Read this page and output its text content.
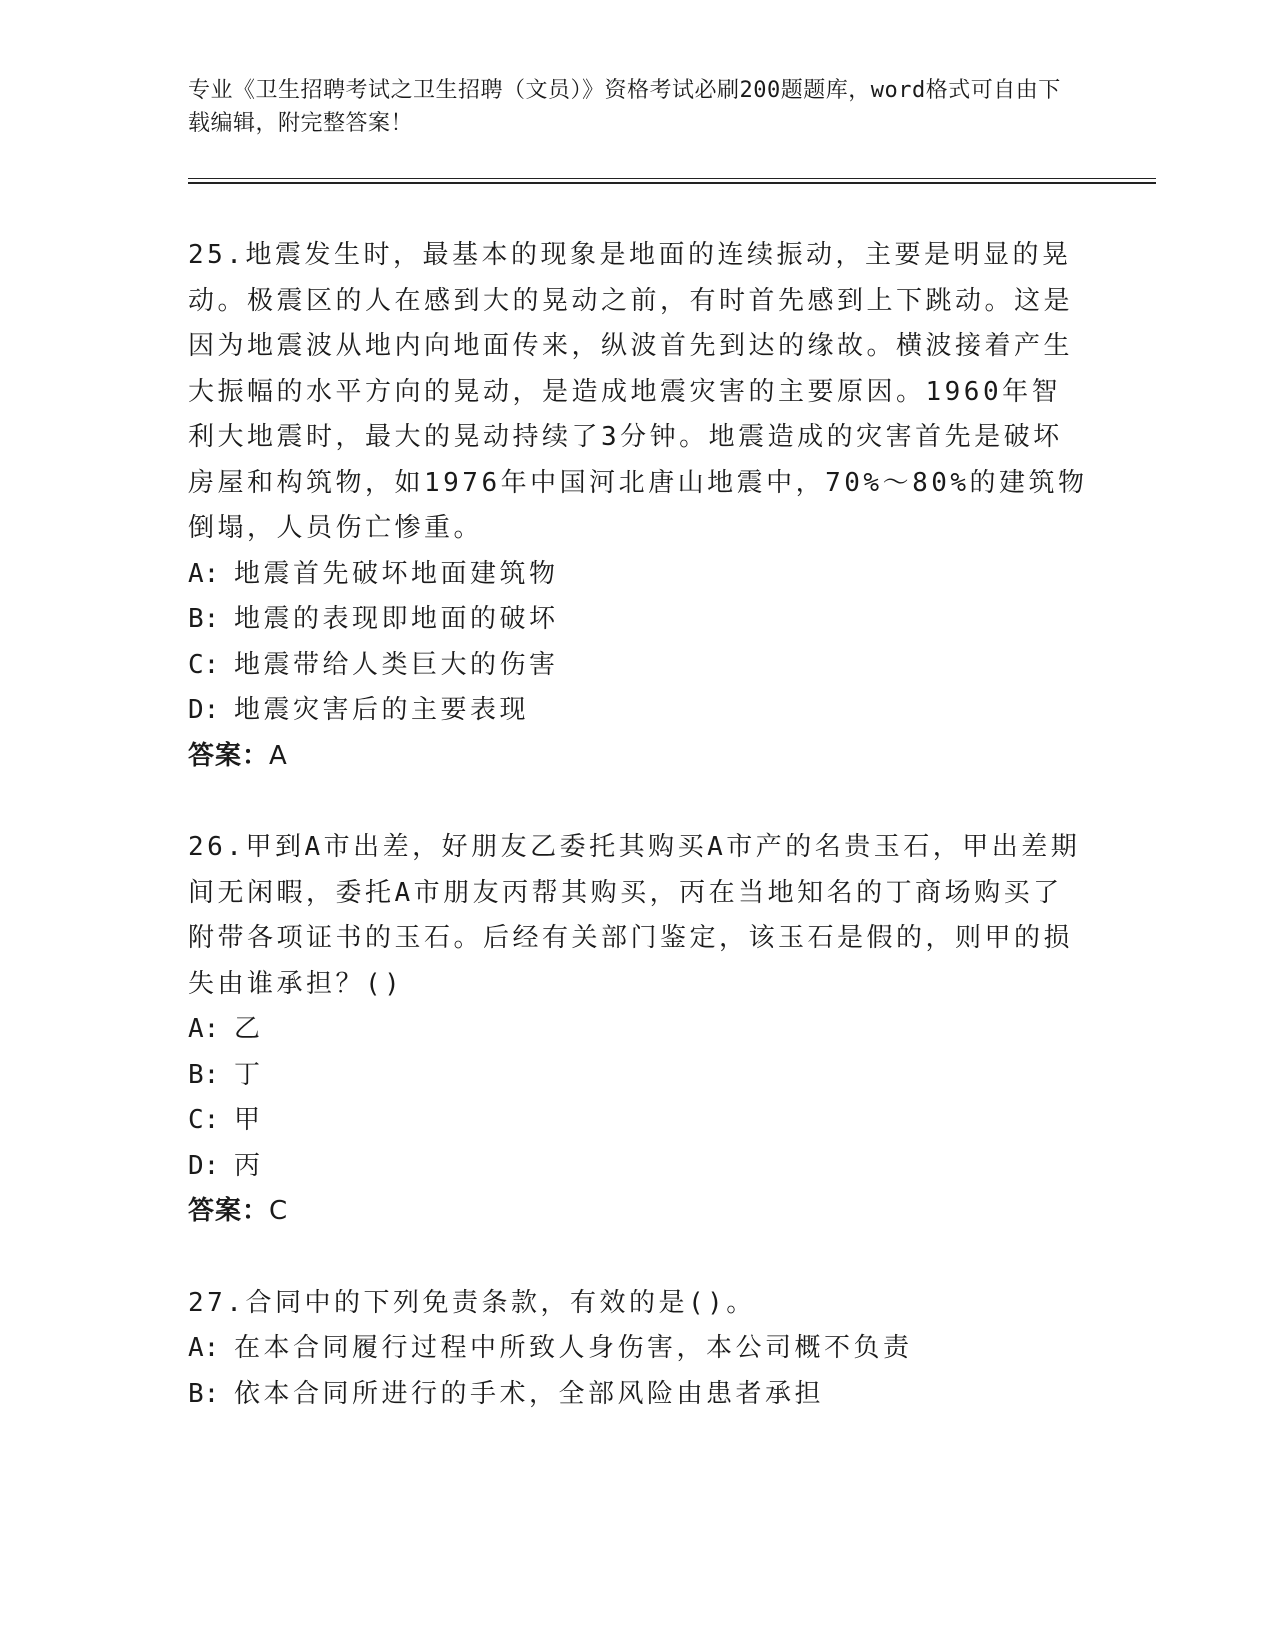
专业《卫生招聘考试之卫生招聘（文员）》资格考试必刷200题题库，word格式可自由下载编辑，附完整答案！

25.地震发生时，最基本的现象是地面的连续振动，主要是明显的晃动。极震区的人在感到大的晃动之前，有时首先感到上下跳动。这是因为地震波从地内向地面传来，纵波首先到达的缘故。横波接着产生大振幅的水平方向的晃动，是造成地震灾害的主要原因。1960年智利大地震时，最大的晃动持续了3分钟。地震造成的灾害首先是破坏房屋和构筑物，如1976年中国河北唐山地震中，70%～80%的建筑物倒塌，人员伤亡惨重。

A: 地震首先破坏地面建筑物

B: 地震的表现即地面的破坏

C: 地震带给人类巨大的伤害

D: 地震灾害后的主要表现

答案：A

26.甲到A市出差，好朋友乙委托其购买A市产的名贵玉石，甲出差期间无闲暇，委托A市朋友丙帮其购买，丙在当地知名的丁商场购买了附带各项证书的玉石。后经有关部门鉴定，该玉石是假的，则甲的损失由谁承担？()

A: 乙

B: 丁

C: 甲

D: 丙

答案：C

27.合同中的下列免责条款，有效的是()。

A: 在本合同履行过程中所致人身伤害，本公司概不负责

B: 依本合同所进行的手术，全部风险由患者承担
